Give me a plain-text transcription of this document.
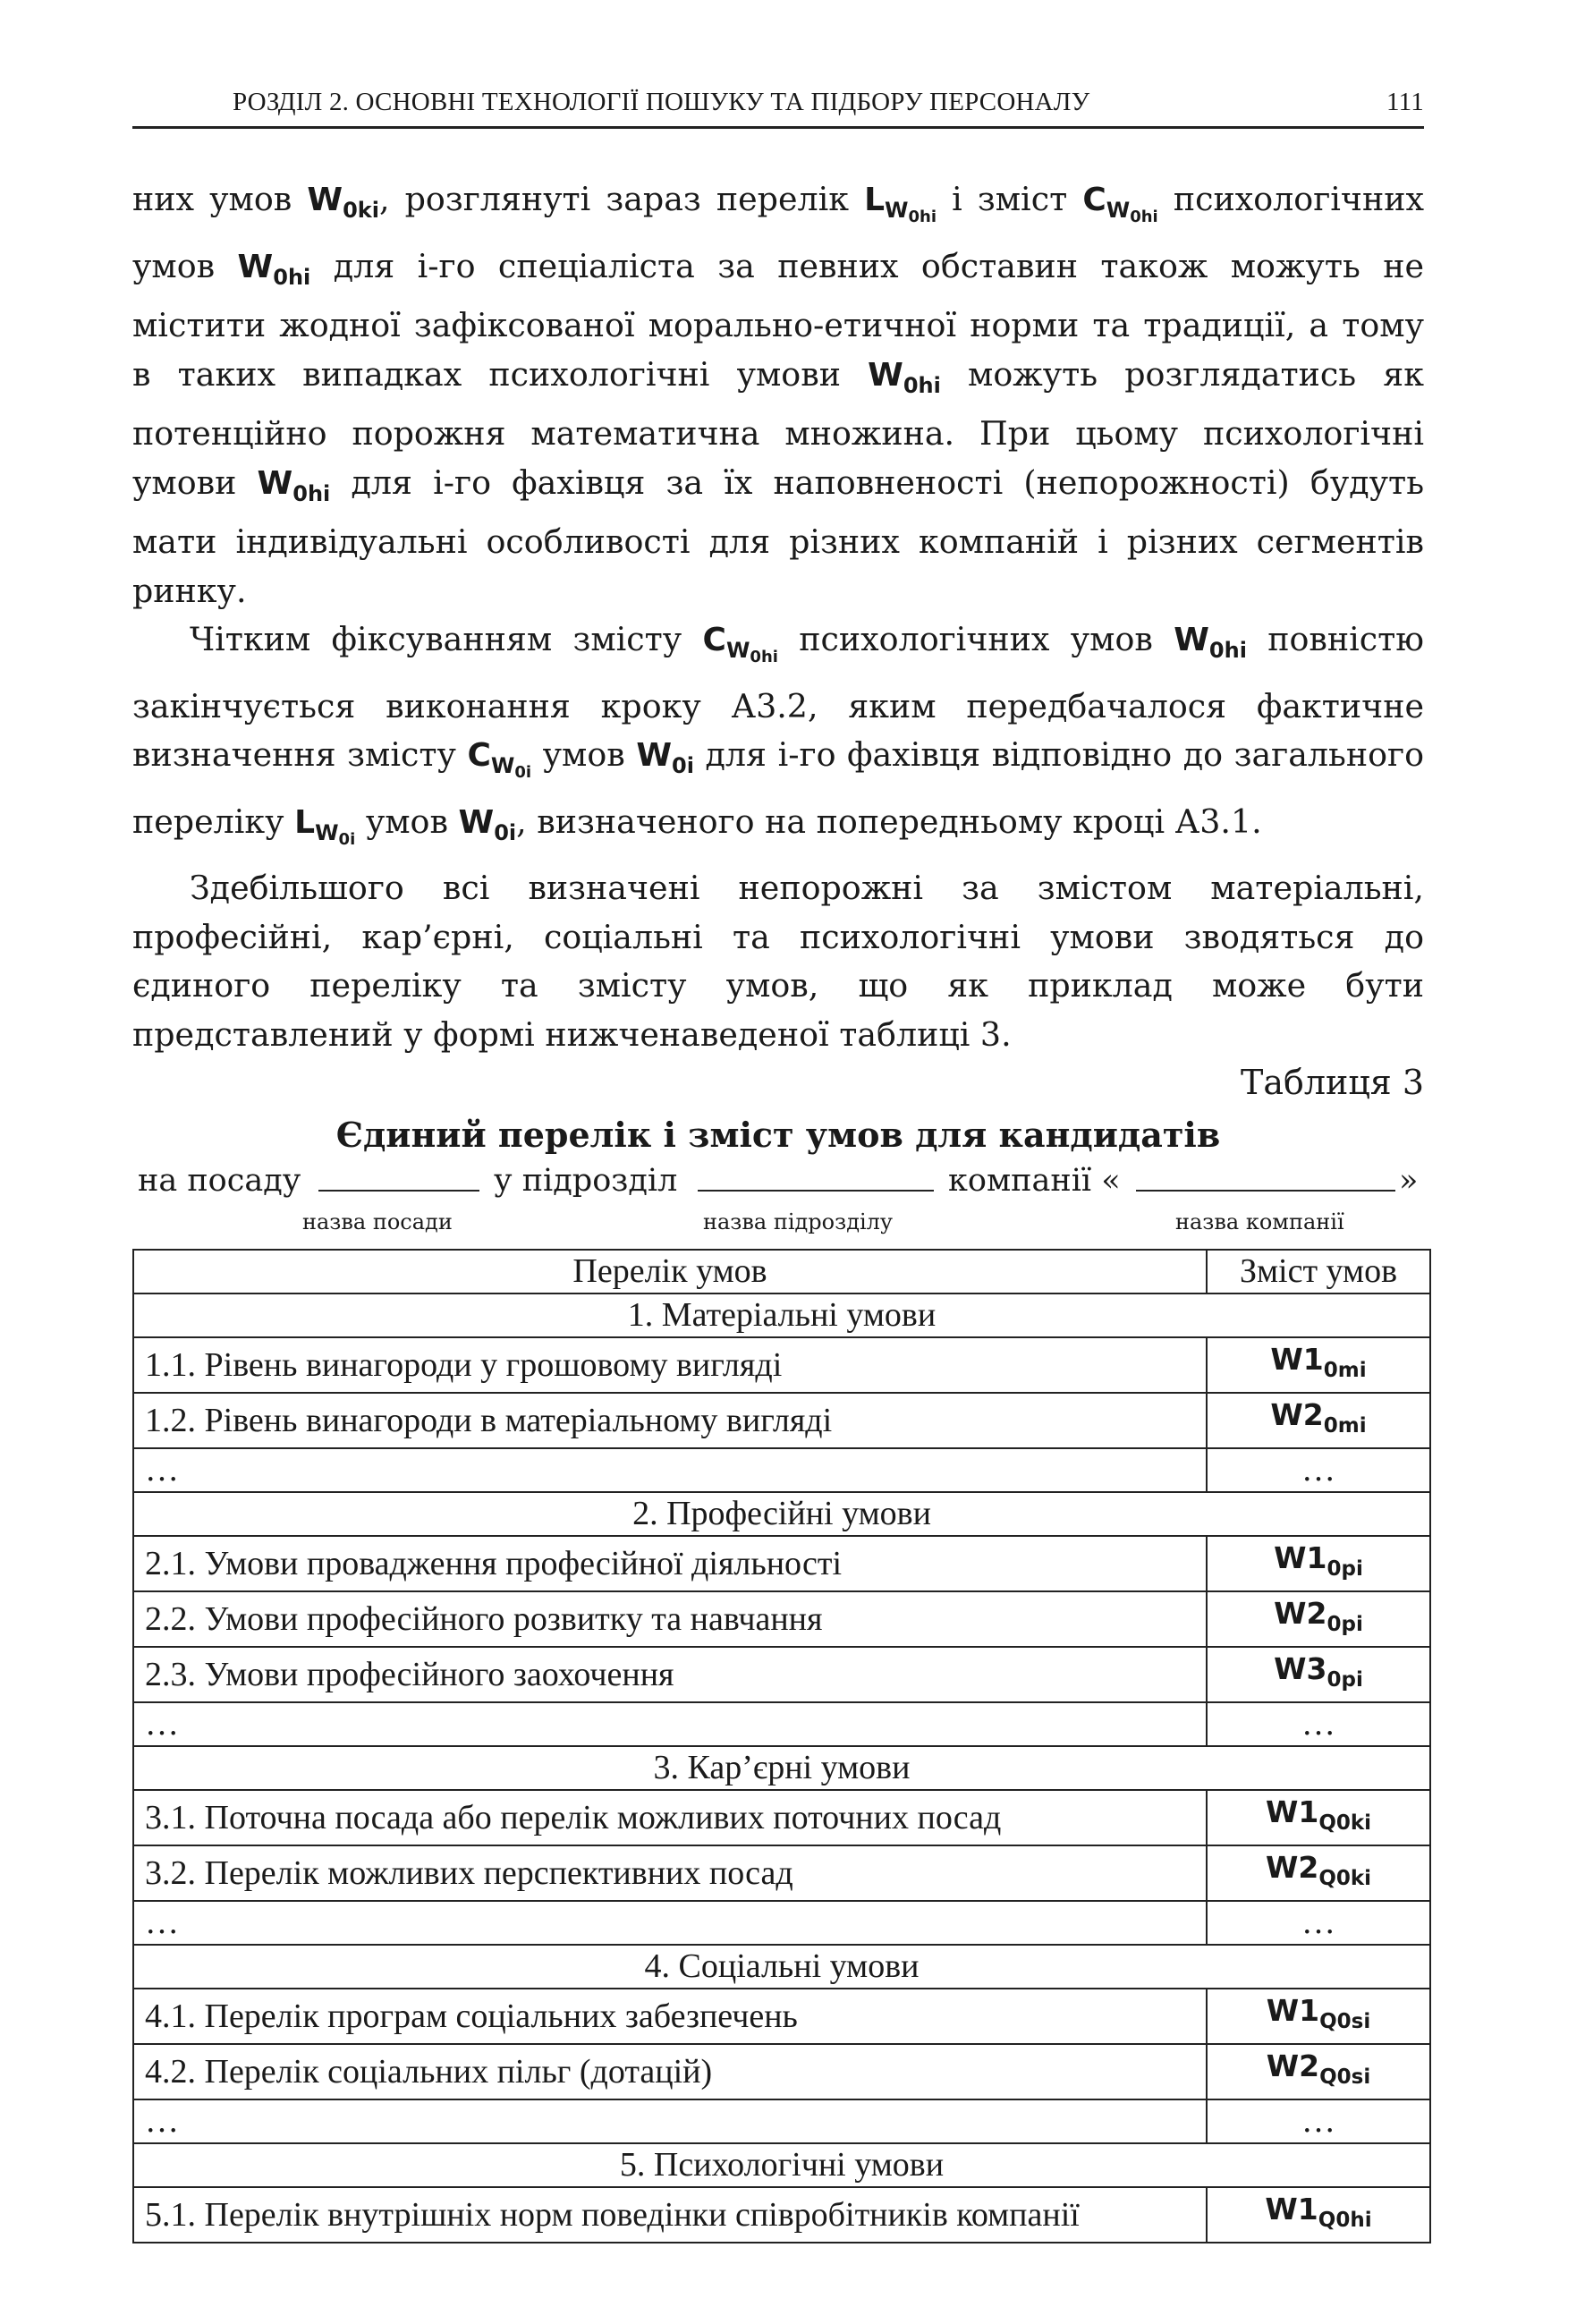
РОЗДІЛ 2. ОСНОВНІ ТЕХНОЛОГІЇ ПОШУКУ ТА ПІДБОРУ ПЕРСОНАЛУ	111

них умов $W_{0ki}$, розглянуті зараз перелік $L_{W_{0hi}}$ і зміст $C_{W_{0hi}}$ психологічних умов $W_{0hi}$ для і-го спеціаліста за певних обставин також можуть не містити жодної зафіксованої морально-етичної норми та традиції, а тому в таких випадках психологічні умови $W_{0hi}$ можуть розглядатись як потенційно порожня математична множина. При цьому психологічні умови $W_{0hi}$ для і-го фахівця за їх наповненості (непорожності) будуть мати індивідуальні особливості для різних компаній і різних сегментів ринку.

Чітким фіксуванням змісту $C_{W_{0hi}}$ психологічних умов $W_{0hi}$ повністю закінчується виконання кроку А3.2, яким передбачалося фактичне визначення змісту $C_{W_{0i}}$ умов $W_{0i}$ для і-го фахівця відповідно до загального переліку $L_{W_{0i}}$ умов $W_{0i}$, визначеного на попередньому кроці А3.1.

Здебільшого всі визначені непорожні за змістом матеріальні, професійні, кар’єрні, соціальні та психологічні умови зводяться до єдиного переліку та змісту умов, що як приклад може бути представлений у формі нижченаведеної таблиці 3.

Таблиця 3
Єдиний перелік і зміст умов для кандидатів
на посаду	у підрозділ	компанії «	»
назва посади	назва підрозділу	назва компанії
Перелік умов	Зміст умов
1. Матеріальні умови	
1.1. Рівень винагороди у грошовому вигляді	$W1_{0mi}$
1.2. Рівень винагороди в матеріальному вигляді	$W2_{0mi}$
…	…
2. Професійні умови	
2.1. Умови провадження професійної діяльності	$W1_{0pi}$
2.2. Умови професійного розвитку та навчання	$W2_{0pi}$
2.3. Умови професійного заохочення	$W3_{0pi}$
…	…
3. Кар’єрні умови	
3.1. Поточна посада або перелік можливих поточних посад	$W1_{Q0ki}$
3.2. Перелік можливих перспективних посад	$W2_{Q0ki}$
…	…
4. Соціальні умови	
4.1. Перелік програм соціальних забезпечень	$W1_{Q0si}$
4.2. Перелік соціальних пільг (дотацій)	$W2_{Q0si}$
…	…
5. Психологічні умови	
5.1. Перелік внутрішніх норм поведінки співробітників компанії	$W1_{Q0hi}$
